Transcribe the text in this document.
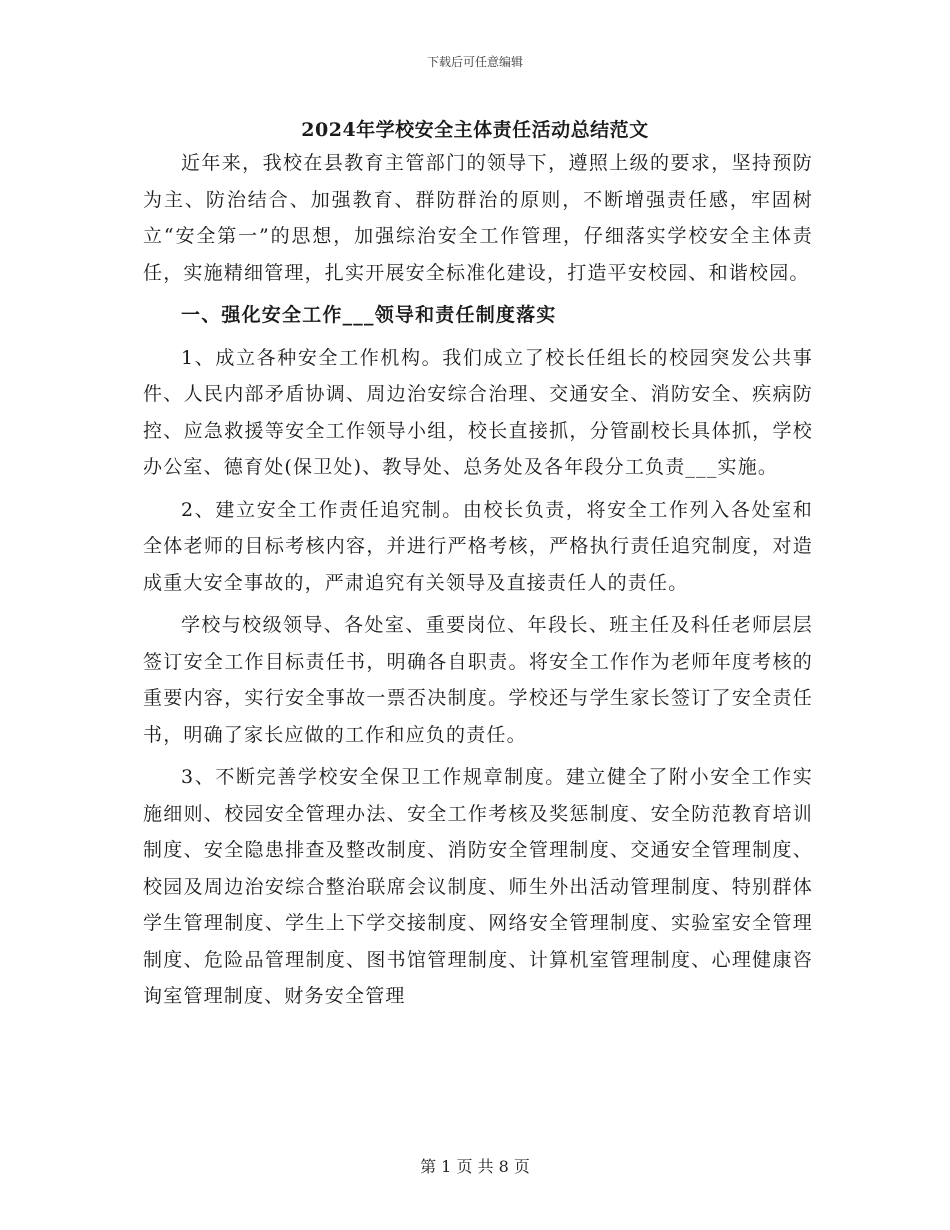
下载后可任意编辑
2024年学校安全主体责任活动总结范文

近年来，我校在县教育主管部门的领导下，遵照上级的要求，坚持预防为主、防治结合、加强教育、群防群治的原则，不断增强责任感，牢固树立“安全第一”的思想，加强综治安全工作管理，仔细落实学校安全主体责任，实施精细管理，扎实开展安全标准化建设，打造平安校园、和谐校园。

一、强化安全工作___领导和责任制度落实

1、成立各种安全工作机构。我们成立了校长任组长的校园突发公共事件、人民内部矛盾协调、周边治安综合治理、交通安全、消防安全、疾病防控、应急救援等安全工作领导小组，校长直接抓，分管副校长具体抓，学校办公室、德育处(保卫处)、教导处、总务处及各年段分工负责___实施。

2、建立安全工作责任追究制。由校长负责，将安全工作列入各处室和全体老师的目标考核内容，并进行严格考核，严格执行责任追究制度，对造成重大安全事故的，严肃追究有关领导及直接责任人的责任。

学校与校级领导、各处室、重要岗位、年段长、班主任及科任老师层层签订安全工作目标责任书，明确各自职责。将安全工作作为老师年度考核的重要内容，实行安全事故一票否决制度。学校还与学生家长签订了安全责任书，明确了家长应做的工作和应负的责任。

3、不断完善学校安全保卫工作规章制度。建立健全了附小安全工作实施细则、校园安全管理办法、安全工作考核及奖惩制度、安全防范教育培训制度、安全隐患排查及整改制度、消防安全管理制度、交通安全管理制度、校园及周边治安综合整治联席会议制度、师生外出活动管理制度、特别群体学生管理制度、学生上下学交接制度、网络安全管理制度、实验室安全管理制度、危险品管理制度、图书馆管理制度、计算机室管理制度、心理健康咨询室管理制度、财务安全管理

第 1 页 共 8 页
